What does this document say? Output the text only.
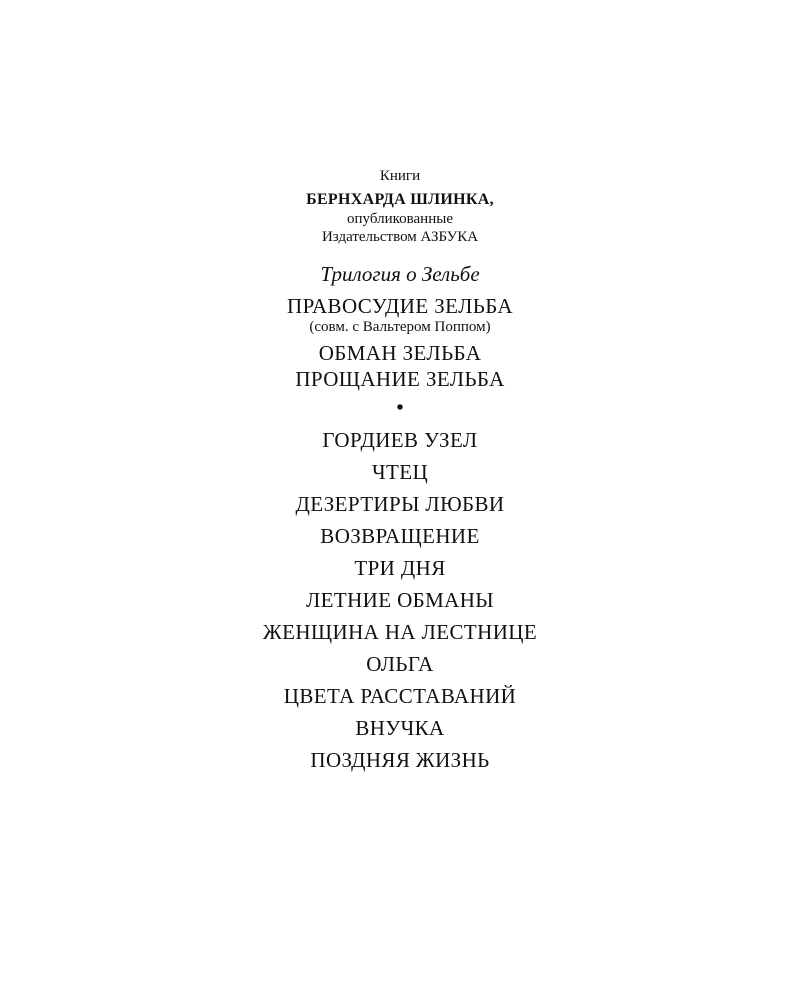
Книги
БЕРНХАРДА ШЛИНКА,
опубликованные
Издательством АЗБУКА
Трилогия о Зельбе
ПРАВОСУДИЕ ЗЕЛЬБА
(совм. с Вальтером Поппом)
ОБМАН ЗЕЛЬБА
ПРОЩАНИЕ ЗЕЛЬБА
•
ГОРДИЕВ УЗЕЛ
ЧТЕЦ
ДЕЗЕРТИРЫ ЛЮБВИ
ВОЗВРАЩЕНИЕ
ТРИ ДНЯ
ЛЕТНИЕ ОБМАНЫ
ЖЕНЩИНА НА ЛЕСТНИЦЕ
ОЛЬГА
ЦВЕТА РАССТАВАНИЙ
ВНУЧКА
ПОЗДНЯЯ ЖИЗНЬ
